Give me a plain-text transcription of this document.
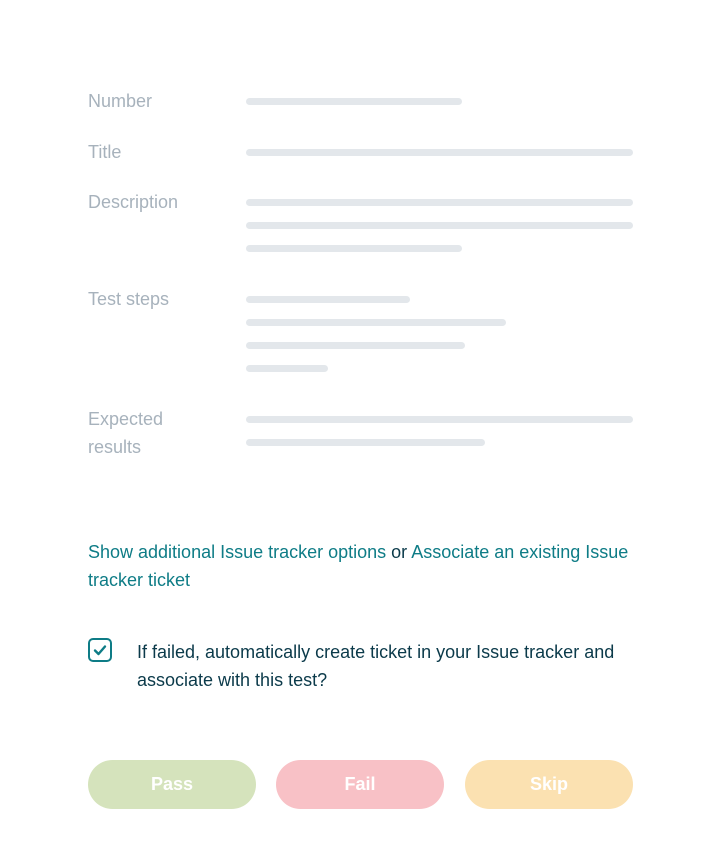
Number
Title
Description
Test steps
Expected
results
Show additional Issue tracker options or Associate an existing Issue tracker ticket
If failed, automatically create ticket in your Issue tracker and associate with this test?
Pass	Fail	Skip
